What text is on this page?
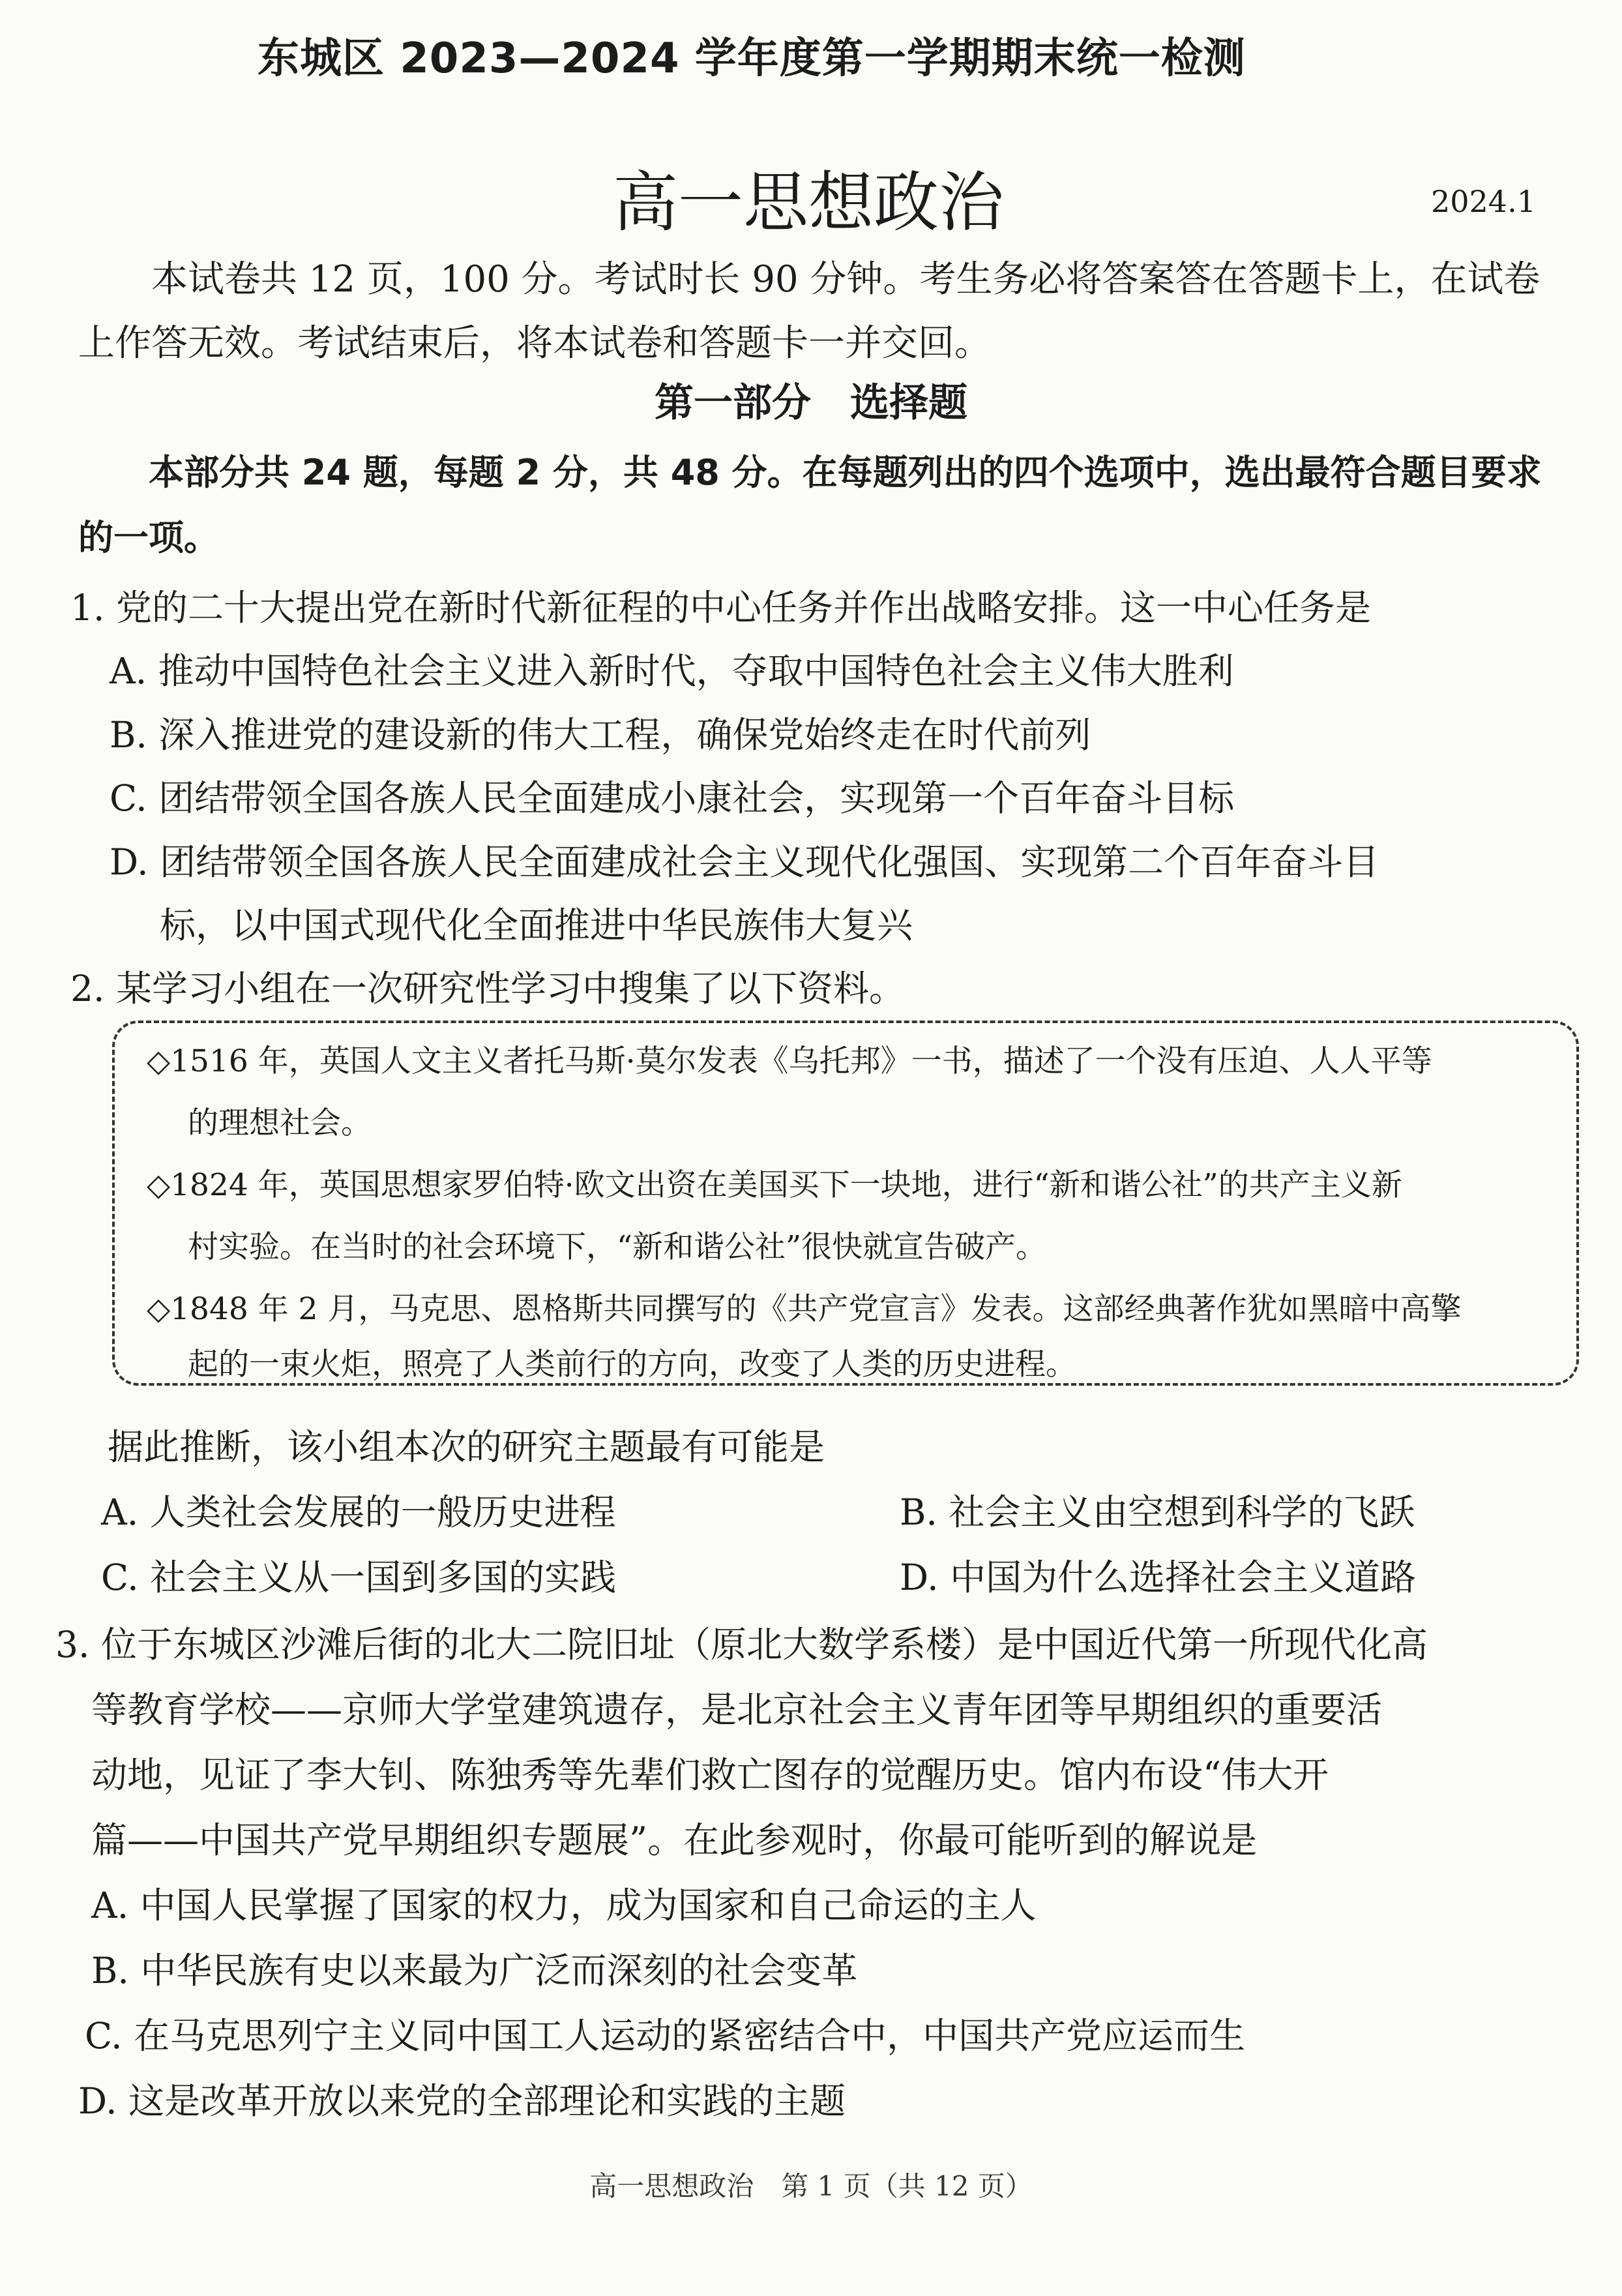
东城区 2023—2024 学年度第一学期期末统一检测
高一思想政治	2024.1
本试卷共 12 页，100 分。考试时长 90 分钟。考生务必将答案答在答题卡上，在试卷上作答无效。考试结束后，将本试卷和答题卡一并交回。
第一部分　选择题
本部分共 24 题，每题 2 分，共 48 分。在每题列出的四个选项中，选出最符合题目要求的一项。
1. 党的二十大提出党在新时代新征程的中心任务并作出战略安排。这一中心任务是
A. 推动中国特色社会主义进入新时代，夺取中国特色社会主义伟大胜利
B. 深入推进党的建设新的伟大工程，确保党始终走在时代前列
C. 团结带领全国各族人民全面建成小康社会，实现第一个百年奋斗目标
D. 团结带领全国各族人民全面建成社会主义现代化强国、实现第二个百年奋斗目
标，以中国式现代化全面推进中华民族伟大复兴
2. 某学习小组在一次研究性学习中搜集了以下资料。
◇1516 年，英国人文主义者托马斯·莫尔发表《乌托邦》一书，描述了一个没有压迫、人人平等
的理想社会。
◇1824 年，英国思想家罗伯特·欧文出资在美国买下一块地，进行“新和谐公社”的共产主义新
村实验。在当时的社会环境下，“新和谐公社”很快就宣告破产。
◇1848 年 2 月，马克思、恩格斯共同撰写的《共产党宣言》发表。这部经典著作犹如黑暗中高擎
起的一束火炬，照亮了人类前行的方向，改变了人类的历史进程。
据此推断，该小组本次的研究主题最有可能是
A. 人类社会发展的一般历史进程	B. 社会主义由空想到科学的飞跃
C. 社会主义从一国到多国的实践	D. 中国为什么选择社会主义道路
3. 位于东城区沙滩后街的北大二院旧址（原北大数学系楼）是中国近代第一所现代化高
等教育学校——京师大学堂建筑遗存，是北京社会主义青年团等早期组织的重要活
动地，见证了李大钊、陈独秀等先辈们救亡图存的觉醒历史。馆内布设“伟大开
篇——中国共产党早期组织专题展”。在此参观时，你最可能听到的解说是
A. 中国人民掌握了国家的权力，成为国家和自己命运的主人
B. 中华民族有史以来最为广泛而深刻的社会变革
C. 在马克思列宁主义同中国工人运动的紧密结合中，中国共产党应运而生
D. 这是改革开放以来党的全部理论和实践的主题
高一思想政治　第 1 页（共 12 页）
